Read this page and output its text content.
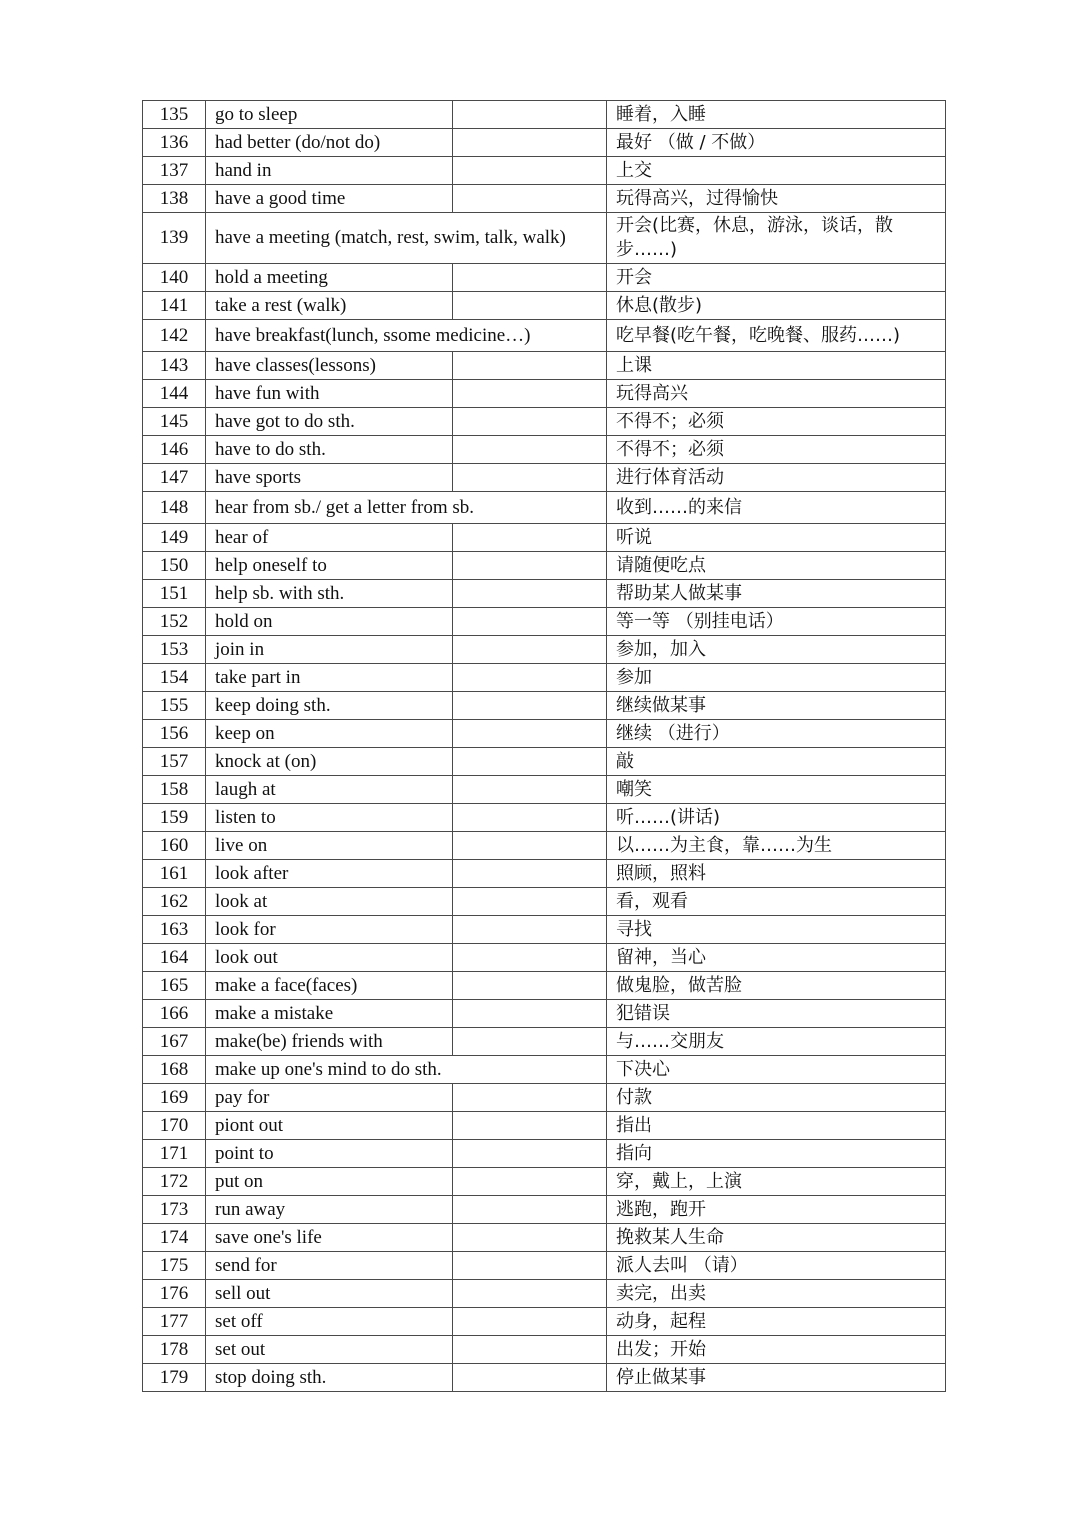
135	go to sleep		睡着，入睡
136	had better (do/not do)		最好 （做 / 不做）
137	hand in		上交
138	have a good time		玩得高兴，过得愉快
139	have a meeting (match, rest, swim, talk, walk)		开会(比赛，休息，游泳，谈话，散步……)
140	hold a meeting		开会
141	take a rest (walk)		休息(散步)
142	have breakfast(lunch, ssome medicine…)		吃早餐(吃午餐，吃晚餐、服药……)
143	have classes(lessons)		上课
144	have fun with		玩得高兴
145	have got to do sth.		不得不；必须
146	have to do sth.		不得不；必须
147	have sports		进行体育活动
148	hear from sb./ get a letter from sb.		收到……的来信
149	hear of		听说
150	help oneself to		请随便吃点
151	help sb. with sth.		帮助某人做某事
152	hold on		等一等 （别挂电话）
153	join in		参加，加入
154	take part in		参加
155	keep doing sth.		继续做某事
156	keep on		继续 （进行）
157	knock at (on)		敲
158	laugh at		嘲笑
159	listen to		听……(讲话)
160	live on		以……为主食，靠……为生
161	look after		照顾，照料
162	look at		看，观看
163	look for		寻找
164	look out		留神，当心
165	make a face(faces)		做鬼脸，做苦脸
166	make a mistake		犯错误
167	make(be) friends with		与……交朋友
168	make up one's mind to do sth.		下决心
169	pay for		付款
170	piont out		指出
171	point to		指向
172	put on		穿，戴上，上演
173	run away		逃跑，跑开
174	save one's life		挽救某人生命
175	send for		派人去叫 （请）
176	sell out		卖完，出卖
177	set off		动身，起程
178	set out		出发；开始
179	stop doing sth.		停止做某事
